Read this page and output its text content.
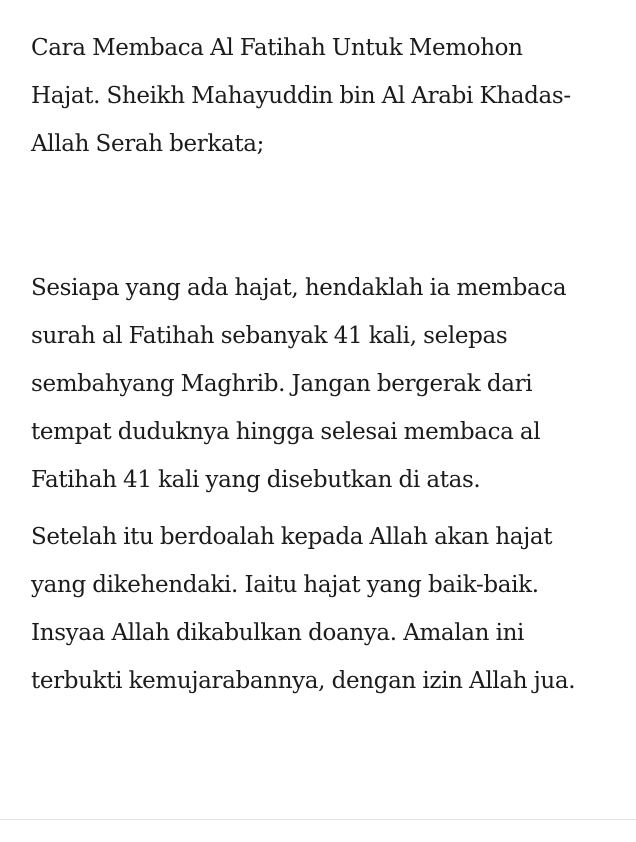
Cara Membaca Al Fatihah Untuk Memohon Hajat. Sheikh Mahayuddin bin Al Arabi Khadas-Allah Serah berkata;

Sesiapa yang ada hajat, hendaklah ia membaca surah al Fatihah sebanyak 41 kali, selepas sembahyang Maghrib. Jangan bergerak dari tempat duduknya hingga selesai membaca al Fatihah 41 kali yang disebutkan di atas.

Setelah itu berdoalah kepada Allah akan hajat yang dikehendaki. Iaitu hajat yang baik-baik. Insyaa Allah dikabulkan doanya. Amalan ini terbukti kemujarabannya, dengan izin Allah jua.
